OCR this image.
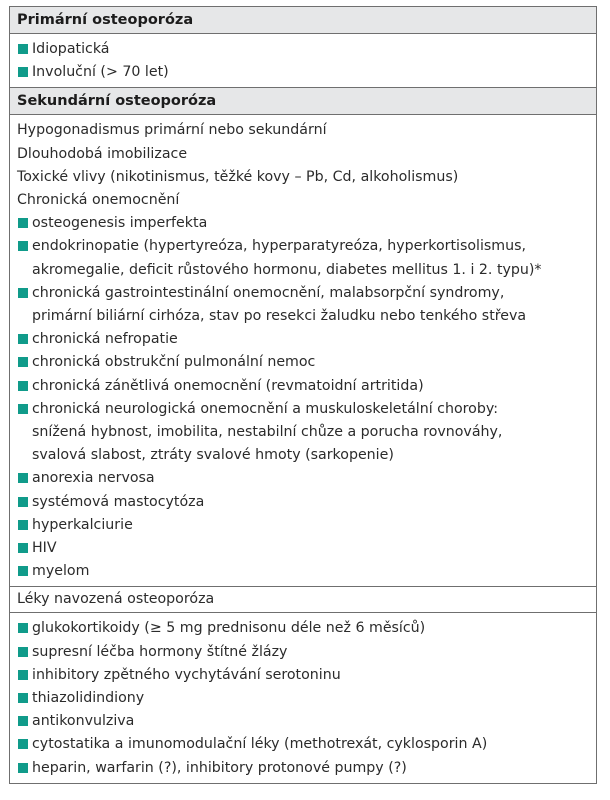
Primární osteoporóza
Idiopatická
Involuční (> 70 let)
Sekundární osteoporóza
Hypogonadismus primární nebo sekundární
Dlouhodobá imobilizace
Toxické vlivy (nikotinismus, těžké kovy – Pb, Cd, alkoholismus)
Chronická onemocnění
osteogenesis imperfekta
endokrinopatie (hypertyreóza, hyperparatyreóza, hyperkortisolismus,
akromegalie, deficit růstového hormonu, diabetes mellitus 1. i 2. typu)*
chronická gastrointestinální onemocnění, malabsorpční syndromy,
primární biliární cirhóza, stav po resekci žaludku nebo tenkého střeva
chronická nefropatie
chronická obstrukční pulmonální nemoc
chronická zánětlivá onemocnění (revmatoidní artritida)
chronická neurologická onemocnění a muskuloskeletální choroby:
snížená hybnost, imobilita, nestabilní chůze a porucha rovnováhy,
svalová slabost, ztráty svalové hmoty (sarkopenie)
anorexia nervosa
systémová mastocytóza
hyperkalciurie
HIV
myelom
Léky navozená osteoporóza
glukokortikoidy (≥ 5 mg prednisonu déle než 6 měsíců)
supresní léčba hormony štítné žlázy
inhibitory zpětného vychytávání serotoninu
thiazolidindiony
antikonvulziva
cytostatika a imunomodulační léky (methotrexát, cyklosporin A)
heparin, warfarin (?), inhibitory protonové pumpy (?)
